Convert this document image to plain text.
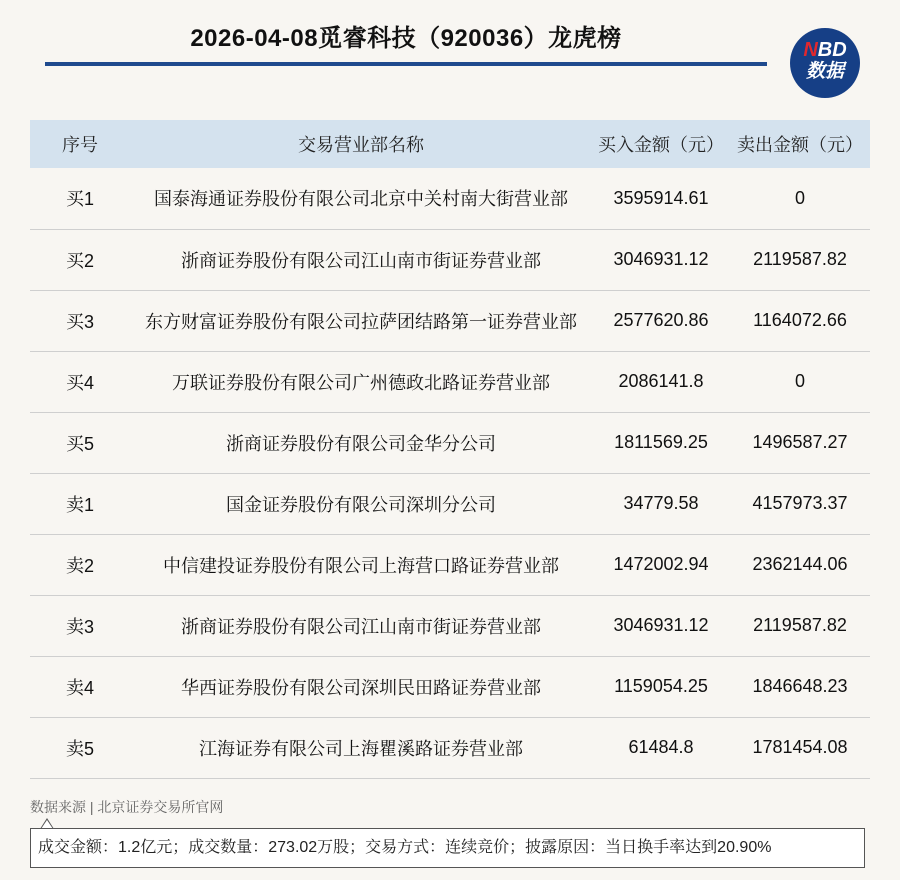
2026-04-08觅睿科技（920036）龙虎榜	NBD
数据
序号	交易营业部名称	买入金额（元）	卖出金额（元）
买1	国泰海通证券股份有限公司北京中关村南大街营业部	3595914.61	0
买2	浙商证券股份有限公司江山南市街证券营业部	3046931.12	2119587.82
买3	东方财富证券股份有限公司拉萨团结路第一证券营业部	2577620.86	1164072.66
买4	万联证券股份有限公司广州德政北路证券营业部	2086141.8	0
买5	浙商证券股份有限公司金华分公司	1811569.25	1496587.27
卖1	国金证券股份有限公司深圳分公司	34779.58	4157973.37
卖2	中信建投证券股份有限公司上海营口路证券营业部	1472002.94	2362144.06
卖3	浙商证券股份有限公司江山南市街证券营业部	3046931.12	2119587.82
卖4	华西证券股份有限公司深圳民田路证券营业部	1159054.25	1846648.23
卖5	江海证券有限公司上海瞿溪路证券营业部	61484.8	1781454.08
数据来源 | 北京证券交易所官网
成交金额：1.2亿元；成交数量：273.02万股；交易方式：连续竞价；披露原因：当日换手率达到20.90%
